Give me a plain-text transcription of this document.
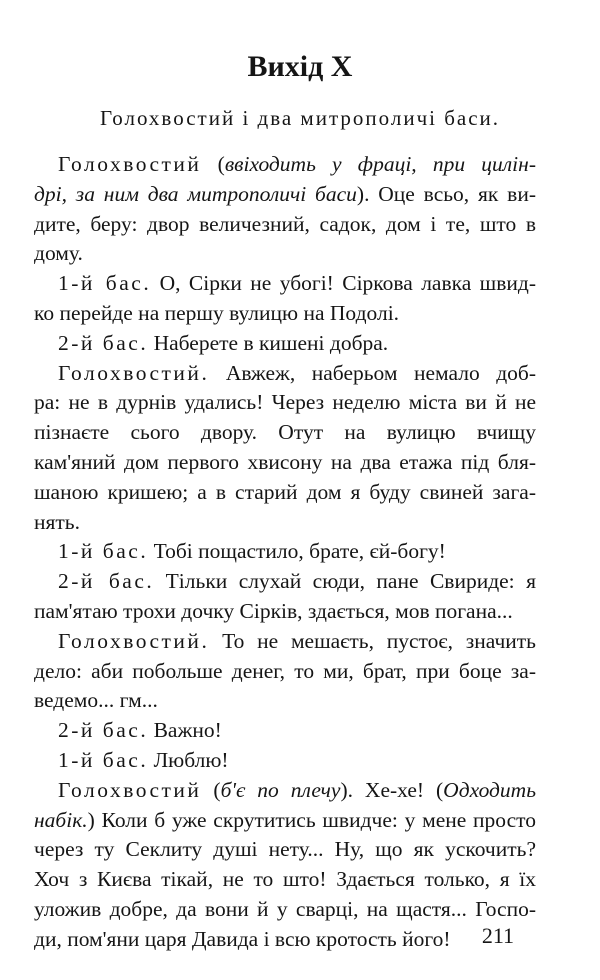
Вихід X
Голохвостий і два митрополичі баси.
Голохвостий (ввіходить у фраці, при цилін-
дрі, за ним два митрополичі баси). Оце всьо, як ви-
дите, беру: двор величезний, садок, дом і те, што в
дому.
1-й бас. О, Сірки не убогі! Сіркова лавка швид-
ко перейде на першу вулицю на Подолі.
2-й бас. Наберете в кишені добра.
Голохвостий. Авжеж, наберьом немало доб-
ра: не в дурнів удались! Через неделю міста ви й не
пізнаєте сього двору. Отут на вулицю вчищу
кам'яний дом первого хвисону на два етажа під бля-
шаною кришею; а в старий дом я буду свиней зага-
нять.
1-й бас. Тобі пощастило, брате, єй-богу!
2-й бас. Тільки слухай сюди, пане Свириде: я
пам'ятаю трохи дочку Сірків, здається, мов погана...
Голохвостий. То не мешаєть, пустоє, значить
дело: аби побольше денег, то ми, брат, при боце за-
ведемо... гм...
2-й бас. Важно!
1-й бас. Люблю!
Голохвостий (б'є по плечу). Хе-хе! (Одходить
набік.) Коли б уже скрутитись швидче: у мене просто
через ту Секлиту душі нету... Ну, що як ускочить?
Хоч з Києва тікай, не то што! Здається только, я їх
уложив добре, да вони й у сварці, на щастя... Госпо-
ди, пом'яни царя Давида і всю кротость його!	211
